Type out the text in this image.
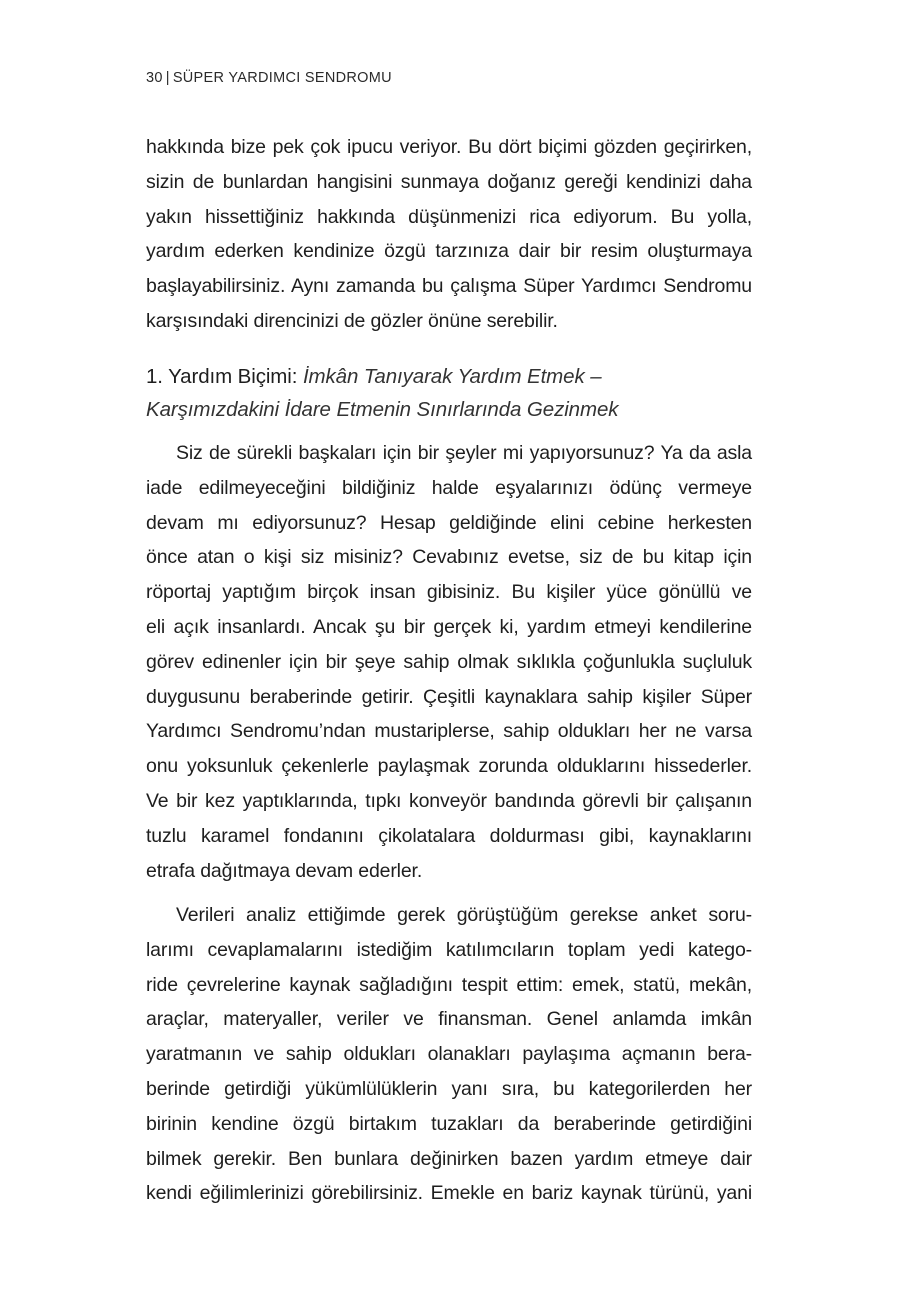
30 | SÜPER YARDIMCI SENDROMU
hakkında bize pek çok ipucu veriyor. Bu dört biçimi gözden geçirirken,
sizin de bunlardan hangisini sunmaya doğanız gereği kendinizi daha
yakın hissettiğiniz hakkında düşünmenizi rica ediyorum. Bu yolla,
yardım ederken kendinize özgü tarzınıza dair bir resim oluşturmaya
başlayabilirsiniz. Aynı zamanda bu çalışma Süper Yardımcı Sendromu
karşısındaki direncinizi de gözler önüne serebilir.
1. Yardım Biçimi: İmkân Tanıyarak Yardım Etmek –
Karşımızdakini İdare Etmenin Sınırlarında Gezinmek
Siz de sürekli başkaları için bir şeyler mi yapıyorsunuz? Ya da asla
iade edilmeyeceğini bildiğiniz halde eşyalarınızı ödünç vermeye
devam mı ediyorsunuz? Hesap geldiğinde elini cebine herkesten
önce atan o kişi siz misiniz? Cevabınız evetse, siz de bu kitap için
röportaj yaptığım birçok insan gibisiniz. Bu kişiler yüce gönüllü ve
eli açık insanlardı. Ancak şu bir gerçek ki, yardım etmeyi kendilerine
görev edinenler için bir şeye sahip olmak sıklıkla çoğunlukla suçluluk
duygusunu beraberinde getirir. Çeşitli kaynaklara sahip kişiler Süper
Yardımcı Sendromu’ndan mustariplerse, sahip oldukları her ne varsa
onu yoksunluk çekenlerle paylaşmak zorunda olduklarını hissederler.
Ve bir kez yaptıklarında, tıpkı konveyör bandında görevli bir çalışanın
tuzlu karamel fondanını çikolatalara doldurması gibi, kaynaklarını
etrafa dağıtmaya devam ederler.
Verileri analiz ettiğimde gerek görüştüğüm gerekse anket soru-
larımı cevaplamalarını istediğim katılımcıların toplam yedi katego-
ride çevrelerine kaynak sağladığını tespit ettim: emek, statü, mekân,
araçlar, materyaller, veriler ve finansman. Genel anlamda imkân
yaratmanın ve sahip oldukları olanakları paylaşıma açmanın bera-
berinde getirdiği yükümlülüklerin yanı sıra, bu kategorilerden her
birinin kendine özgü birtakım tuzakları da beraberinde getirdiğini
bilmek gerekir. Ben bunlara değinirken bazen yardım etmeye dair
kendi eğilimlerinizi görebilirsiniz. Emekle en bariz kaynak türünü, yani
